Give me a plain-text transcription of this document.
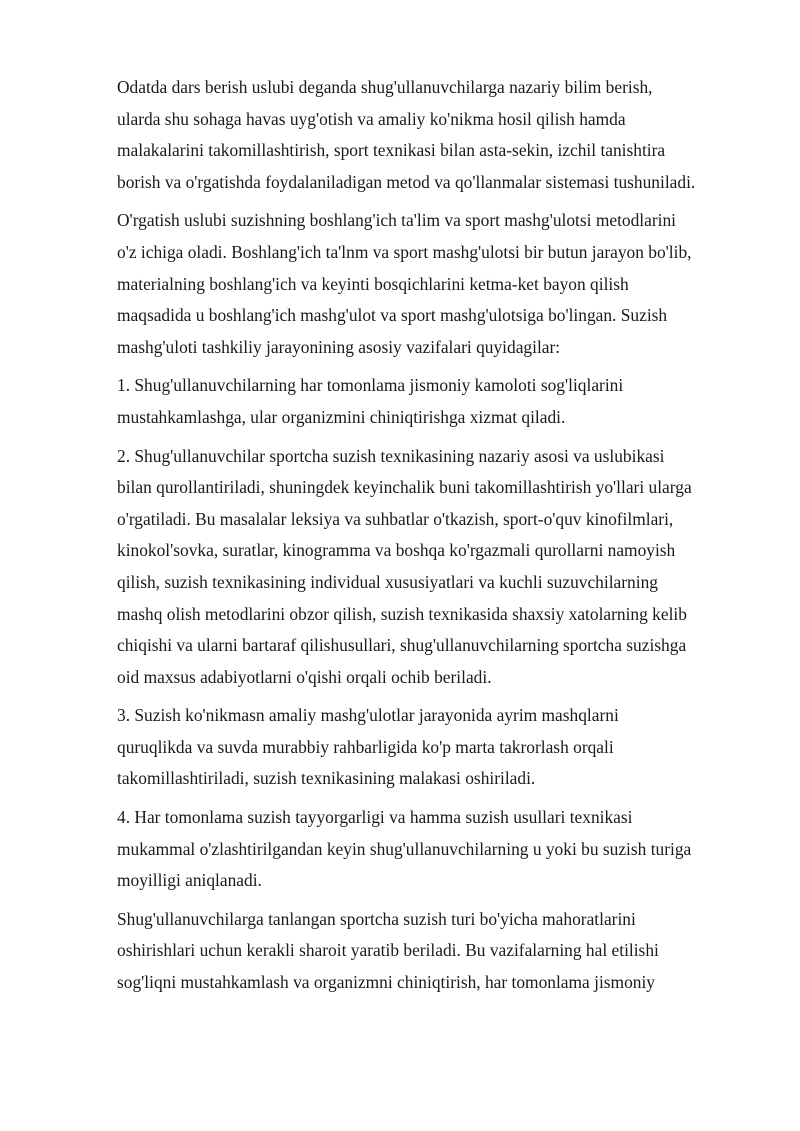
Odatda dars berish uslubi deganda shug'ullanuvchilarga nazariy bilim berish,
ularda shu sohaga havas uyg'otish va amaliy ko'nikma hosil qilish hamda
malakalarini takomillashtirish, sport texnikasi bilan asta-sekin, izchil tanishtira
borish va o'rgatishda foydalaniladigan metod va qo'llanmalar sistemasi tushuniladi.

O'rgatish uslubi suzishning boshlang'ich ta'lim va sport mashg'ulotsi metodlarini
o'z ichiga oladi. Boshlang'ich ta'lnm va sport mashg'ulotsi bir butun jarayon bo'lib,
materialning boshlang'ich va keyinti bosqichlarini ketma-ket bayon qilish
maqsadida u boshlang'ich mashg'ulot va sport mashg'ulotsiga bo'lingan. Suzish
mashg'uloti tashkiliy jarayonining asosiy vazifalari quyidagilar:

1. Shug'ullanuvchilarning har tomonlama jismoniy kamoloti sog'liqlarini
mustahkamlashga, ular organizmini chiniqtirishga xizmat qiladi.

2. Shug'ullanuvchilar sportcha suzish texnikasining nazariy asosi va uslubikasi
bilan qurollantiriladi, shuningdek keyinchalik buni takomillashtirish yo'llari ularga
o'rgatiladi. Bu masalalar leksiya va suhbatlar o'tkazish, sport-o'quv kinofilmlari,
kinokol'sovka, suratlar, kinogramma va boshqa ko'rgazmali qurollarni namoyish
qilish, suzish texnikasining individual xususiyatlari va kuchli suzuvchilarning
mashq olish metodlarini obzor qilish, suzish texnikasida shaxsiy xatolarning kelib
chiqishi va ularni bartaraf qilishusullari, shug'ullanuvchilarning sportcha suzishga
oid maxsus adabiyotlarni o'qishi orqali ochib beriladi.

3. Suzish ko'nikmasn amaliy mashg'ulotlar jarayonida ayrim mashqlarni
quruqlikda va suvda murabbiy rahbarligida ko'p marta takrorlash orqali
takomillashtiriladi, suzish texnikasining malakasi oshiriladi.

4. Har tomonlama suzish tayyorgarligi va hamma suzish usullari texnikasi
mukammal o'zlashtirilgandan keyin shug'ullanuvchilarning u yoki bu suzish turiga
moyilligi aniqlanadi.

Shug'ullanuvchilarga tanlangan sportcha suzish turi bo'yicha mahoratlarini
oshirishlari uchun kerakli sharoit yaratib beriladi. Bu vazifalarning hal etilishi
sog'liqni mustahkamlash va organizmni chiniqtirish, har tomonlama jismoniy
